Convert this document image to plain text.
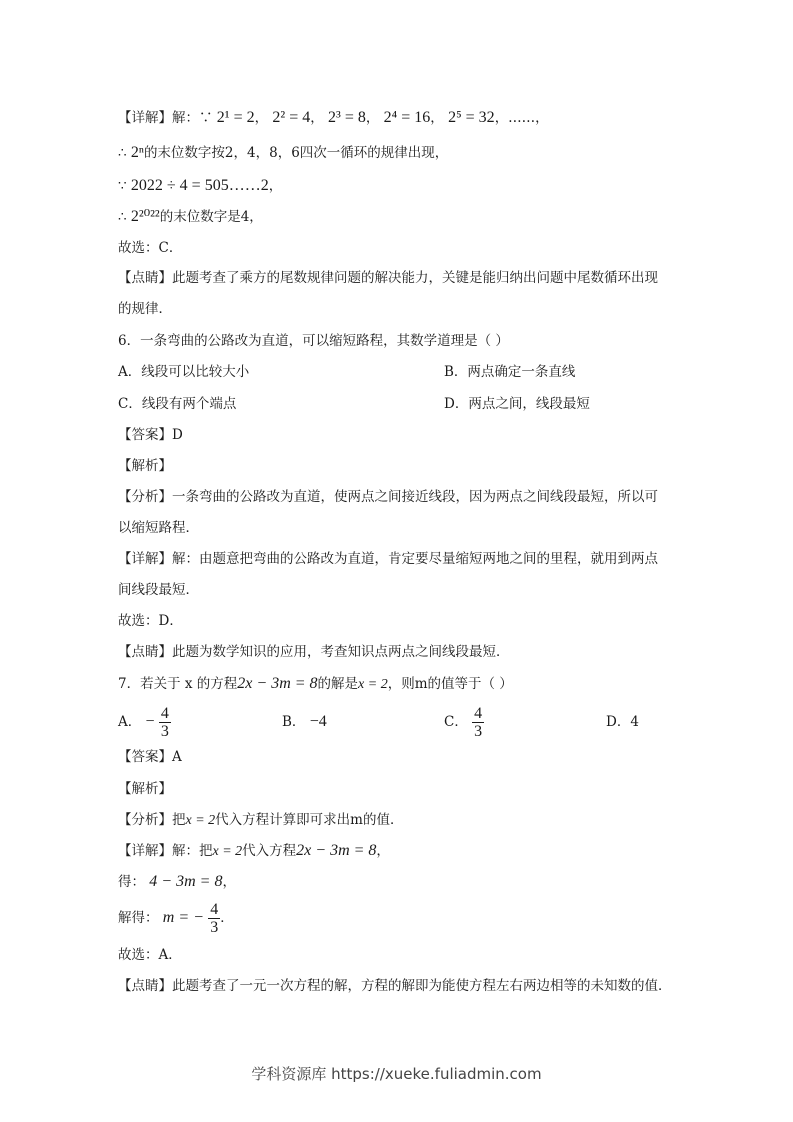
【详解】解：∵ 2¹ = 2， 2² = 4， 2³ = 8， 2⁴ = 16， 2⁵ = 32，……，
∴ 2ⁿ的末位数字按2，4，8，6四次一循环的规律出现，
∵ 2022 ÷ 4 = 505……2，
∴ 2²⁰²²的末位数字是4，
故选：C．
【点睛】此题考查了乘方的尾数规律问题的解决能力，关键是能归纳出问题中尾数循环出现
的规律．
6．一条弯曲的公路改为直道，可以缩短路程，其数学道理是（ ）
A．线段可以比较大小	B．两点确定一条直线
C．线段有两个端点	D．两点之间，线段最短
【答案】D
【解析】
【分析】一条弯曲的公路改为直道，使两点之间接近线段，因为两点之间线段最短，所以可
以缩短路程．
【详解】解：由题意把弯曲的公路改为直道，肯定要尽量缩短两地之间的里程，就用到两点
间线段最短．
故选：D．
【点睛】此题为数学知识的应用，考查知识点两点之间线段最短．
7．若关于 x 的方程2x − 3m = 8的解是x = 2，则m的值等于（ ）
A． − $\frac{4}{3}$	B． −4	C． $\frac{4}{3}$	D．4
【答案】A
【解析】
【分析】把x = 2代入方程计算即可求出m的值．
【详解】解：把x = 2代入方程2x − 3m = 8，
得： 4 − 3m = 8，
解得： m = − $\frac{4}{3}$ ．
故选：A．
【点睛】此题考查了一元一次方程的解，方程的解即为能使方程左右两边相等的未知数的值．
学科资源库 https://xueke.fuliadmin.com
